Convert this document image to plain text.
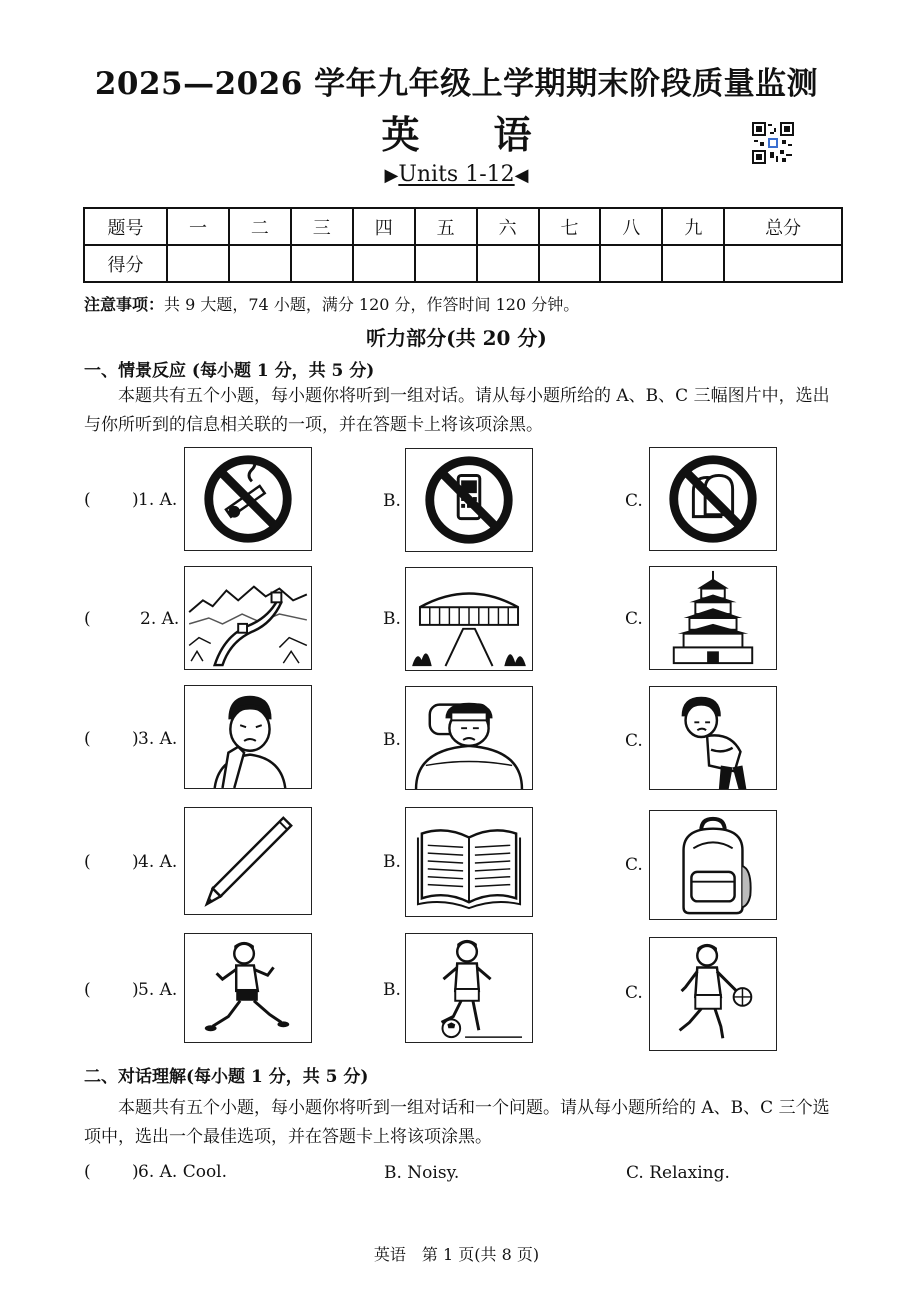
2025—2026 学年九年级上学期期末阶段质量监测
英 语
▶Units 1-12◀
题号	一	二	三	四	五	六	七	八	九	总分
得分										
注意事项：共 9 大题，74 小题，满分 120 分，作答时间 120 分钟。
听力部分(共 20 分)
一、情景反应 (每小题 1 分，共 5 分)
本题共有五个小题，每小题你将听到一组对话。请从每小题所给的 A、B、C 三幅图片中，选出与你所听到的信息相关联的一项，并在答题卡上将该项涂黑。
( ) 1. A.	B.	C.
(	2. A.	B.	C.
( ) 3. A.	B.	C.
( ) 4. A.	B.	C.
( ) 5. A.	B.	C.
二、对话理解(每小题 1 分，共 5 分)
本题共有五个小题，每小题你将听到一组对话和一个问题。请从每小题所给的 A、B、C 三个选项中，选出一个最佳选项，并在答题卡上将该项涂黑。
( ) 6. A. Cool.	B. Noisy.	C. Relaxing.
英语　第 1 页(共 8 页)
